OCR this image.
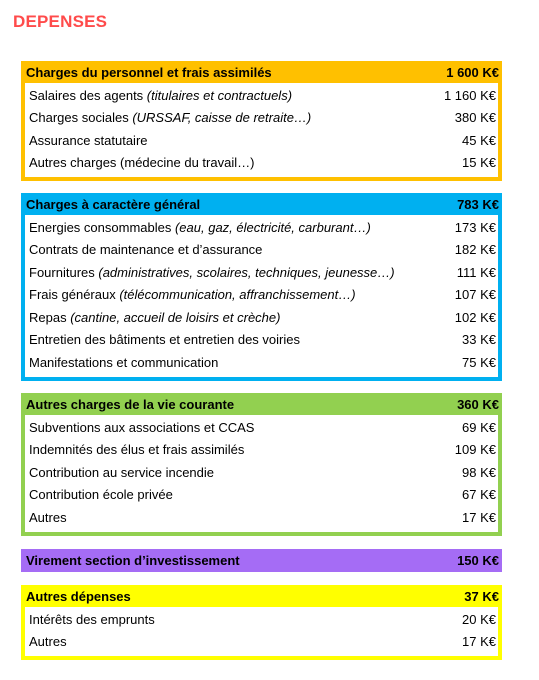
DEPENSES
Charges du personnel et frais assimilés	1 600 K€
Salaires des agents (titulaires et contractuels)	1 160 K€
Charges sociales (URSSAF, caisse de retraite…)	380 K€
Assurance statutaire	45 K€
Autres charges (médecine du travail…)	15 K€
Charges à caractère général	783 K€
Energies consommables (eau, gaz, électricité, carburant…)	173 K€
Contrats de maintenance et d’assurance	182 K€
Fournitures (administratives, scolaires, techniques, jeunesse…)	111 K€
Frais généraux (télécommunication, affranchissement…)	107 K€
Repas (cantine, accueil de loisirs et crèche)	102 K€
Entretien des bâtiments et entretien des voiries	33 K€
Manifestations et communication	75 K€
Autres charges de la vie courante	360 K€
Subventions aux associations et CCAS	69 K€
Indemnités des élus et frais assimilés	109 K€
Contribution au service incendie	98 K€
Contribution école privée	67 K€
Autres	17 K€
Virement section d’investissement	150 K€
Autres dépenses	37 K€
Intérêts des emprunts	20 K€
Autres	17 K€
